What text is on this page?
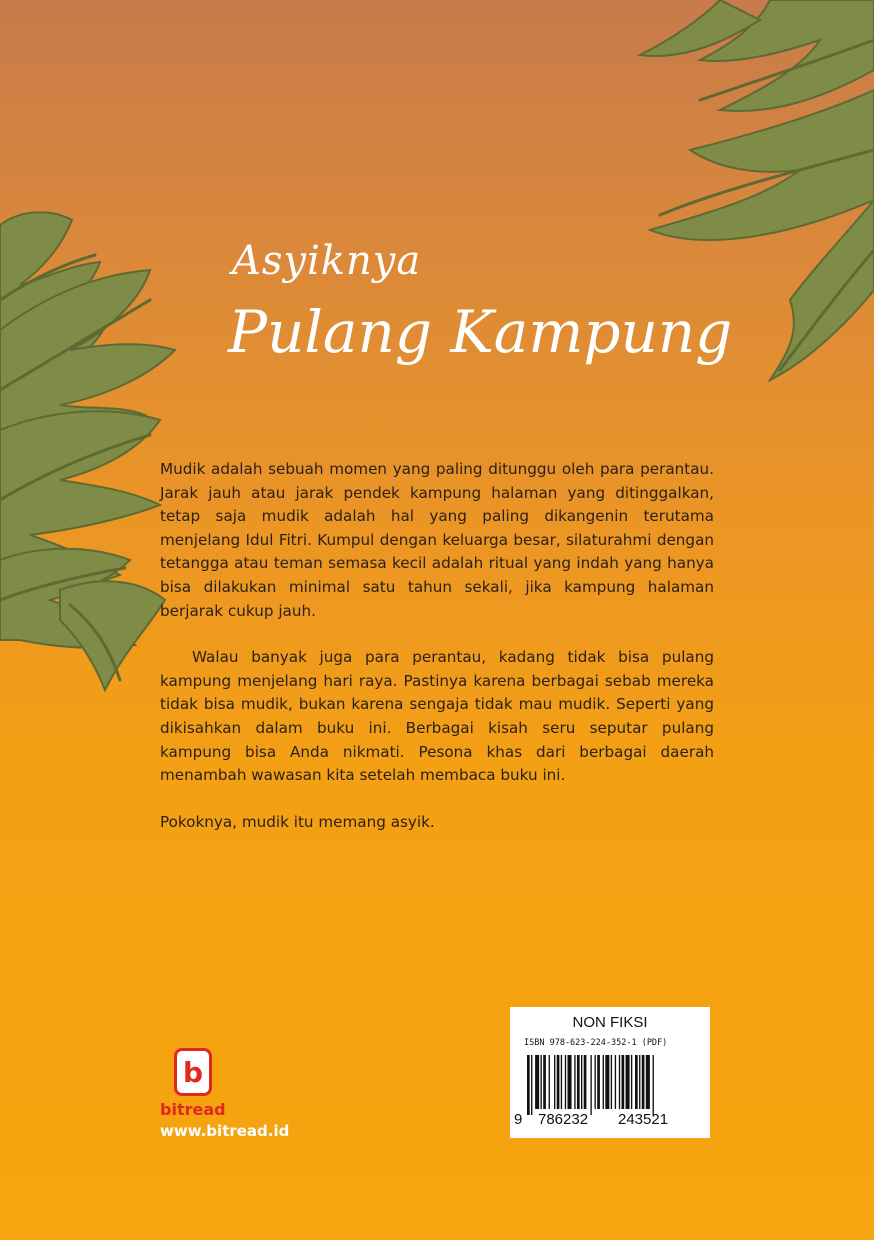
Asyiknya
Pulang Kampung

Mudik adalah sebuah momen yang paling ditunggu oleh para perantau. Jarak jauh atau jarak pendek kampung halaman yang ditinggalkan, tetap saja mudik adalah hal yang paling dikangenin terutama menjelang Idul Fitri. Kumpul dengan keluarga besar, silaturahmi dengan tetangga atau teman semasa kecil adalah ritual yang indah yang hanya bisa dilakukan minimal satu tahun sekali, jika kampung halaman berjarak cukup jauh.

Walau banyak juga para perantau, kadang tidak bisa pulang kampung menjelang hari raya. Pastinya karena berbagai sebab mereka tidak bisa mudik, bukan karena sengaja tidak mau mudik. Seperti yang dikisahkan dalam buku ini. Berbagai kisah seru seputar pulang kampung bisa Anda nikmati. Pesona khas dari berbagai daerah menambah wawasan kita setelah membaca buku ini.

Pokoknya, mudik itu memang asyik.

b
bitread
www.bitread.id
NON FIKSI
ISBN 978-623-224-352-1 (PDF)
9 786232 243521
